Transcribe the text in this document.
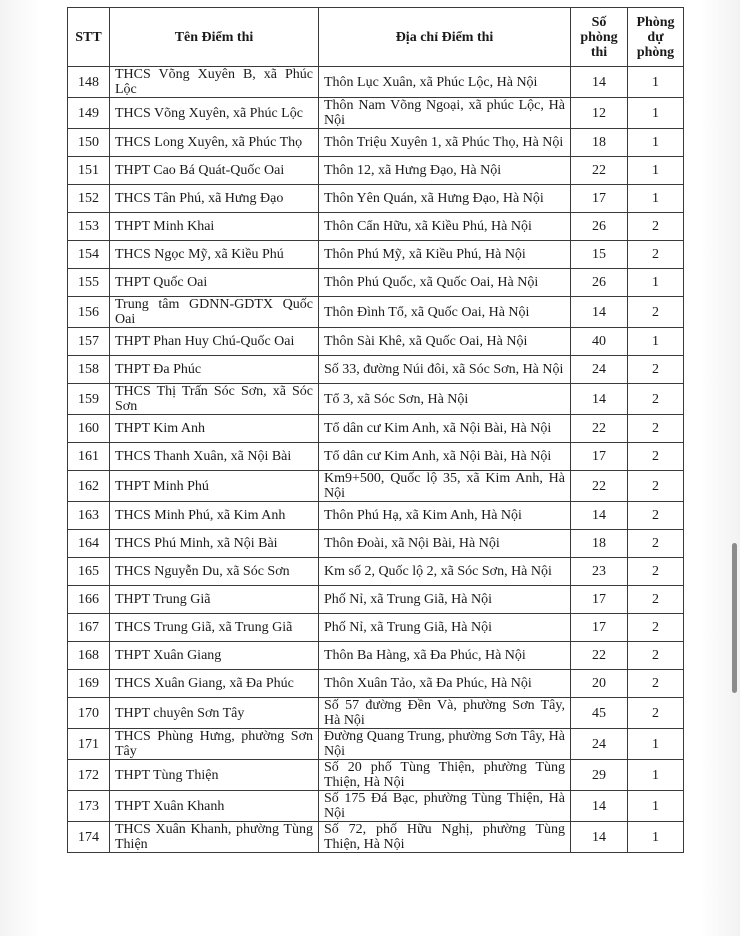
STT	Tên Điểm thi	Địa chỉ Điểm thi	Số phòng thi	Phòng dự phòng
148	THCS Võng Xuyên B, xã Phúc Lộc	Thôn Lục Xuân, xã Phúc Lộc, Hà Nội	14	1
149	THCS Võng Xuyên, xã Phúc Lộc	Thôn Nam Võng Ngoại, xã phúc Lộc, Hà Nội	12	1
150	THCS Long Xuyên, xã Phúc Thọ	Thôn Triệu Xuyên 1, xã Phúc Thọ, Hà Nội	18	1
151	THPT Cao Bá Quát-Quốc Oai	Thôn 12, xã Hưng Đạo, Hà Nội	22	1
152	THCS Tân Phú, xã Hưng Đạo	Thôn Yên Quán, xã Hưng Đạo, Hà Nội	17	1
153	THPT Minh Khai	Thôn Cẩn Hữu, xã Kiều Phú, Hà Nội	26	2
154	THCS Ngọc Mỹ, xã Kiều Phú	Thôn Phú Mỹ, xã Kiều Phú, Hà Nội	15	2
155	THPT Quốc Oai	Thôn Phú Quốc, xã Quốc Oai, Hà Nội	26	1
156	Trung tâm GDNN-GDTX Quốc Oai	Thôn Đình Tổ, xã Quốc Oai, Hà Nội	14	2
157	THPT Phan Huy Chú-Quốc Oai	Thôn Sài Khê, xã Quốc Oai, Hà Nội	40	1
158	THPT Đa Phúc	Số 33, đường Núi đôi, xã Sóc Sơn, Hà Nội	24	2
159	THCS Thị Trấn Sóc Sơn, xã Sóc Sơn	Tổ 3, xã Sóc Sơn, Hà Nội	14	2
160	THPT Kim Anh	Tổ dân cư Kim Anh, xã Nội Bài, Hà Nội	22	2
161	THCS Thanh Xuân, xã Nội Bài	Tổ dân cư Kim Anh, xã Nội Bài, Hà Nội	17	2
162	THPT Minh Phú	Km9+500, Quốc lộ 35, xã Kim Anh, Hà Nội	22	2
163	THCS Minh Phú, xã Kim Anh	Thôn Phú Hạ, xã Kim Anh, Hà Nội	14	2
164	THCS Phú Minh, xã Nội Bài	Thôn Đoài, xã Nội Bài, Hà Nội	18	2
165	THCS Nguyễn Du, xã Sóc Sơn	Km số 2, Quốc lộ 2, xã Sóc Sơn, Hà Nội	23	2
166	THPT Trung Giã	Phố Nỉ, xã Trung Giã, Hà Nội	17	2
167	THCS Trung Giã, xã Trung Giã	Phố Nỉ, xã Trung Giã, Hà Nội	17	2
168	THPT Xuân Giang	Thôn Ba Hàng, xã Đa Phúc, Hà Nội	22	2
169	THCS Xuân Giang, xã Đa Phúc	Thôn Xuân Tảo, xã Đa Phúc, Hà Nội	20	2
170	THPT chuyên Sơn Tây	Số 57 đường Đền Và, phường Sơn Tây, Hà Nội	45	2
171	THCS Phùng Hưng, phường Sơn Tây	Đường Quang Trung, phường Sơn Tây, Hà Nội	24	1
172	THPT Tùng Thiện	Số 20 phố Tùng Thiện, phường Tùng Thiện, Hà Nội	29	1
173	THPT Xuân Khanh	Số 175 Đá Bạc, phường Tùng Thiện, Hà Nội	14	1
174	THCS Xuân Khanh, phường Tùng Thiện	Số 72, phố Hữu Nghị, phường Tùng Thiện, Hà Nội	14	1
